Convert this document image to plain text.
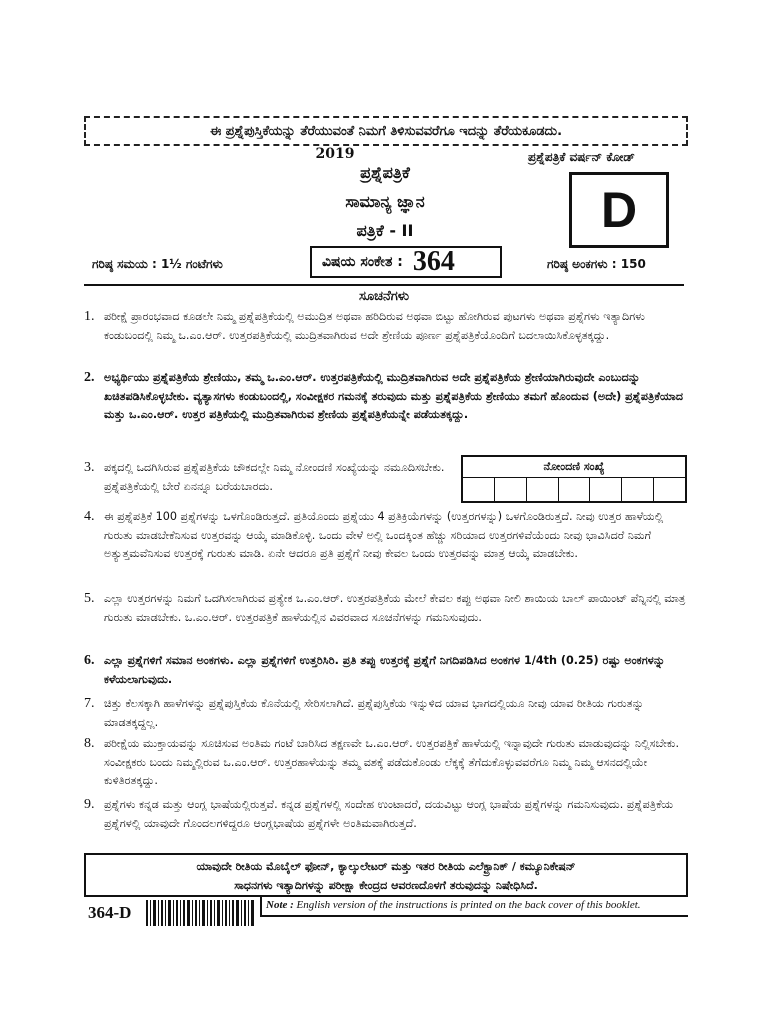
ಈ ಪ್ರಶ್ನೆಪುಸ್ತಿಕೆಯನ್ನು ತೆರೆಯುವಂತೆ ನಿಮಗೆ ತಿಳಿಸುವವರೆಗೂ ಇದನ್ನು ತೆರೆಯಕೂಡದು.
2019
ಪ್ರಶ್ನೆಪತ್ರಿಕೆ
ಸಾಮಾನ್ಯ ಜ್ಞಾನ
ಪತ್ರಿಕೆ - II
ಪ್ರಶ್ನೆಪತ್ರಿಕೆ ವರ್ಷನ್ ಕೋಡ್
D
ಗರಿಷ್ಠ ಸಮಯ : 1½ ಗಂಟೆಗಳು	ವಿಷಯ ಸಂಕೇತ : 364	ಗರಿಷ್ಠ ಅಂಕಗಳು : 150
ಸೂಚನೆಗಳು
1. ಪರೀಕ್ಷೆ ಪ್ರಾರಂಭವಾದ ಕೂಡಲೇ ನಿಮ್ಮ ಪ್ರಶ್ನೆಪತ್ರಿಕೆಯಲ್ಲಿ ಅಮುದ್ರಿತ ಅಥವಾ ಹರಿದಿರುವ ಅಥವಾ ಬಿಟ್ಟು ಹೋಗಿರುವ ಪುಟಗಳು ಅಥವಾ ಪ್ರಶ್ನೆಗಳು ಇತ್ಯಾದಿಗಳು ಕಂಡುಬಂದಲ್ಲಿ ನಿಮ್ಮ ಒ.ಎಂ.ಆರ್. ಉತ್ತರಪತ್ರಿಕೆಯಲ್ಲಿ ಮುದ್ರಿತವಾಗಿರುವ ಅದೇ ಶ್ರೇಣಿಯ ಪೂರ್ಣ ಪ್ರಶ್ನೆಪತ್ರಿಕೆಯೊಂದಿಗೆ ಬದಲಾಯಿಸಿಕೊಳ್ಳತಕ್ಕದ್ದು.
2. ಅಭ್ಯರ್ಥಿಯು ಪ್ರಶ್ನೆಪತ್ರಿಕೆಯ ಶ್ರೇಣಿಯು, ತಮ್ಮ ಒ.ಎಂ.ಆರ್. ಉತ್ತರಪತ್ರಿಕೆಯಲ್ಲಿ ಮುದ್ರಿತವಾಗಿರುವ ಅದೇ ಪ್ರಶ್ನೆಪತ್ರಿಕೆಯ ಶ್ರೇಣಿಯಾಗಿರುವುದೇ ಎಂಬುದನ್ನು ಖಚಿತಪಡಿಸಿಕೊಳ್ಳಬೇಕು. ವ್ಯತ್ಯಾಸಗಳು ಕಂಡುಬಂದಲ್ಲಿ, ಸಂವೀಕ್ಷಕರ ಗಮನಕ್ಕೆ ತರುವುದು ಮತ್ತು ಪ್ರಶ್ನೆಪತ್ರಿಕೆಯ ಶ್ರೇಣಿಯು ತಮಗೆ ಹೊಂದುವ (ಅದೇ) ಪ್ರಶ್ನೆಪತ್ರಿಕೆಯಾದ ಮತ್ತು ಒ.ಎಂ.ಆರ್. ಉತ್ತರ ಪತ್ರಿಕೆಯಲ್ಲಿ ಮುದ್ರಿತವಾಗಿರುವ ಶ್ರೇಣಿಯ ಪ್ರಶ್ನೆಪತ್ರಿಕೆಯನ್ನೇ ಪಡೆಯತಕ್ಕದ್ದು.
3. ಪಕ್ಕದಲ್ಲಿ ಒದಗಿಸಿರುವ ಪ್ರಶ್ನೆಪತ್ರಿಕೆಯ ಚೌಕದಲ್ಲೇ ನಿಮ್ಮ ನೋಂದಣಿ ಸಂಖ್ಯೆಯನ್ನು ನಮೂದಿಸಬೇಕು. ಪ್ರಶ್ನೆಪತ್ರಿಕೆಯಲ್ಲಿ ಬೇರೆ ಏನನ್ನೂ ಬರೆಯಬಾರದು.
ನೋಂದಣಿ ಸಂಖ್ಯೆ
4. ಈ ಪ್ರಶ್ನೆಪತ್ರಿಕೆ 100 ಪ್ರಶ್ನೆಗಳನ್ನು ಒಳಗೊಂಡಿರುತ್ತದೆ. ಪ್ರತಿಯೊಂದು ಪ್ರಶ್ನೆಯು 4 ಪ್ರತಿಕ್ರಿಯೆಗಳನ್ನು (ಉತ್ತರಗಳನ್ನು) ಒಳಗೊಂಡಿರುತ್ತದೆ. ನೀವು ಉತ್ತರ ಹಾಳೆಯಲ್ಲಿ ಗುರುತು ಮಾಡಬೇಕೆನಿಸುವ ಉತ್ತರವನ್ನು ಆಯ್ಕೆ ಮಾಡಿಕೊಳ್ಳಿ. ಒಂದು ವೇಳೆ ಅಲ್ಲಿ ಒಂದಕ್ಕಿಂತ ಹೆಚ್ಚು ಸರಿಯಾದ ಉತ್ತರಗಳಿವೆಯೆಂದು ನೀವು ಭಾವಿಸಿದರೆ ನಿಮಗೆ ಅತ್ಯುತ್ತಮವೆನಿಸುವ ಉತ್ತರಕ್ಕೆ ಗುರುತು ಮಾಡಿ. ಏನೇ ಆದರೂ ಪ್ರತಿ ಪ್ರಶ್ನೆಗೆ ನೀವು ಕೇವಲ ಒಂದು ಉತ್ತರವನ್ನು ಮಾತ್ರ ಆಯ್ಕೆ ಮಾಡಬೇಕು.
5. ಎಲ್ಲಾ ಉತ್ತರಗಳನ್ನು ನಿಮಗೆ ಒದಗಿಸಲಾಗಿರುವ ಪ್ರತ್ಯೇಕ ಒ.ಎಂ.ಆರ್. ಉತ್ತರಪತ್ರಿಕೆಯ ಮೇಲೆ ಕೇವಲ ಕಪ್ಪು ಅಥವಾ ನೀಲಿ ಶಾಯಿಯ ಬಾಲ್ ಪಾಯಿಂಟ್ ಪೆನ್ನಿನಲ್ಲಿ ಮಾತ್ರ ಗುರುತು ಮಾಡಬೇಕು. ಒ.ಎಂ.ಆರ್. ಉತ್ತರಪತ್ರಿಕೆ ಹಾಳೆಯಲ್ಲಿನ ವಿವರವಾದ ಸೂಚನೆಗಳನ್ನು ಗಮನಿಸುವುದು.
6. ಎಲ್ಲಾ ಪ್ರಶ್ನೆಗಳಿಗೆ ಸಮಾನ ಅಂಕಗಳು. ಎಲ್ಲಾ ಪ್ರಶ್ನೆಗಳಿಗೆ ಉತ್ತರಿಸಿರಿ. ಪ್ರತಿ ತಪ್ಪು ಉತ್ತರಕ್ಕೆ ಪ್ರಶ್ನೆಗೆ ನಿಗದಿಪಡಿಸಿದ ಅಂಕಗಳ 1/4th (0.25) ರಷ್ಟು ಅಂಕಗಳನ್ನು ಕಳೆಯಲಾಗುವುದು.
7. ಚಿತ್ತು ಕೆಲಸಕ್ಕಾಗಿ ಹಾಳೆಗಳನ್ನು ಪ್ರಶ್ನೆಪುಸ್ತಿಕೆಯ ಕೊನೆಯಲ್ಲಿ ಸೇರಿಸಲಾಗಿದೆ. ಪ್ರಶ್ನೆಪುಸ್ತಿಕೆಯ ಇನ್ನುಳಿದ ಯಾವ ಭಾಗದಲ್ಲಿಯೂ ನೀವು ಯಾವ ರೀತಿಯ ಗುರುತನ್ನು ಮಾಡತಕ್ಕದ್ದಲ್ಲ.
8. ಪರೀಕ್ಷೆಯ ಮುಕ್ತಾಯವನ್ನು ಸೂಚಿಸುವ ಅಂತಿಮ ಗಂಟೆ ಬಾರಿಸಿದ ತಕ್ಷಣವೇ ಒ.ಎಂ.ಆರ್. ಉತ್ತರಪತ್ರಿಕೆ ಹಾಳೆಯಲ್ಲಿ ಇನ್ನಾವುದೇ ಗುರುತು ಮಾಡುವುದನ್ನು ನಿಲ್ಲಿಸಬೇಕು. ಸಂವೀಕ್ಷಕರು ಬಂದು ನಿಮ್ಮಲ್ಲಿರುವ ಒ.ಎಂ.ಆರ್. ಉತ್ತರಹಾಳೆಯನ್ನು ತಮ್ಮ ವಶಕ್ಕೆ ಪಡೆದುಕೊಂಡು ಲೆಕ್ಕಕ್ಕೆ ತೆಗೆದುಕೊಳ್ಳುವವರೆಗೂ ನಿಮ್ಮ ನಿಮ್ಮ ಆಸನದಲ್ಲಿಯೇ ಕುಳಿತಿರತಕ್ಕದ್ದು.
9. ಪ್ರಶ್ನೆಗಳು ಕನ್ನಡ ಮತ್ತು ಆಂಗ್ಲ ಭಾಷೆಯಲ್ಲಿರುತ್ತವೆ. ಕನ್ನಡ ಪ್ರಶ್ನೆಗಳಲ್ಲಿ ಸಂದೇಹ ಉಂಟಾದರೆ, ದಯವಿಟ್ಟು ಆಂಗ್ಲ ಭಾಷೆಯ ಪ್ರಶ್ನೆಗಳನ್ನು ಗಮನಿಸುವುದು. ಪ್ರಶ್ನೆಪತ್ರಿಕೆಯ ಪ್ರಶ್ನೆಗಳಲ್ಲಿ ಯಾವುದೇ ಗೊಂದಲಗಳಿದ್ದರೂ ಆಂಗ್ಲಭಾಷೆಯ ಪ್ರಶ್ನೆಗಳೇ ಅಂತಿಮವಾಗಿರುತ್ತದೆ.
ಯಾವುದೇ ರೀತಿಯ ಮೊಬೈಲ್ ಫೋನ್, ಕ್ಯಾಲ್ಕುಲೇಟರ್ ಮತ್ತು ಇತರ ರೀತಿಯ ಎಲೆಕ್ಟ್ರಾನಿಕ್ / ಕಮ್ಯೂನಿಕೇಷನ್
ಸಾಧನಗಳು ಇತ್ಯಾದಿಗಳನ್ನು ಪರೀಕ್ಷಾ ಕೇಂದ್ರದ ಆವರಣದೊಳಗೆ ತರುವುದನ್ನು ನಿಷೇಧಿಸಿದೆ.
364-D	Note : English version of the instructions is printed on the back cover of this booklet.
